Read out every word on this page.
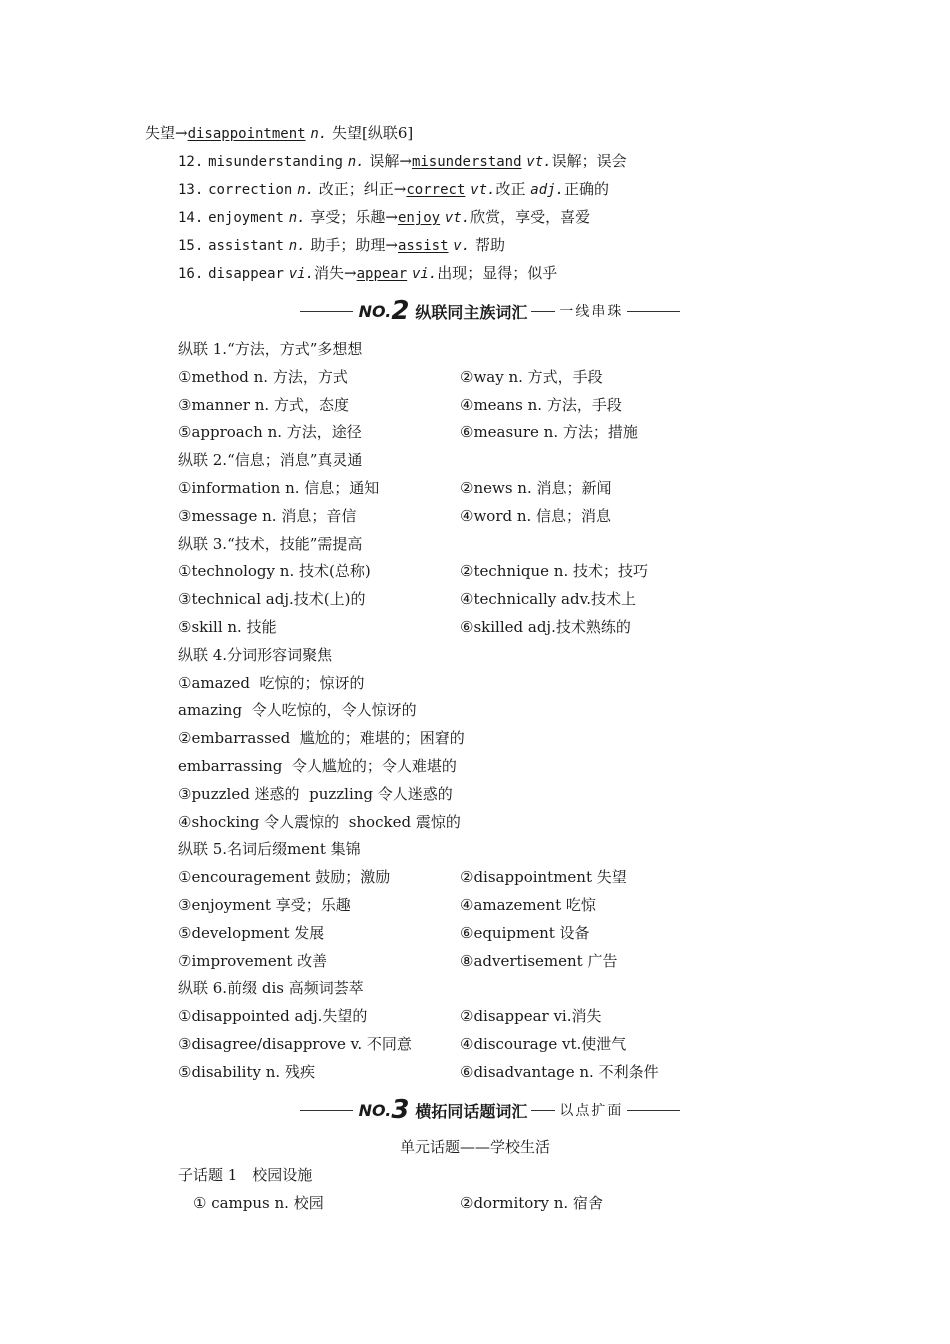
失望→disappointment n. 失望[纵联6]
12. misunderstanding n. 误解→misunderstand vt.误解；误会
13. correction n. 改正；纠正→correct vt.改正 adj.正确的
14. enjoyment n. 享受；乐趣→enjoy vt.欣赏，享受，喜爱
15. assistant n. 助手；助理→assist v. 帮助
16. disappear vi.消失→appear vi.出现；显得；似乎
NO. 2 纵联同主族词汇 一线串珠
纵联 1.“方法，方式”多想想
①method n. 方法，方式	②way n. 方式，手段
③manner n. 方式，态度	④means n. 方法，手段
⑤approach n. 方法，途径	⑥measure n. 方法；措施
纵联 2.“信息；消息”真灵通
①information n. 信息；通知	②news n. 消息；新闻
③message n. 消息；音信	④word n. 信息；消息
纵联 3.“技术，技能”需提高
①technology n. 技术(总称)	②technique n. 技术；技巧
③technical adj.技术(上)的	④technically adv.技术上
⑤skill n. 技能	⑥skilled adj.技术熟练的
纵联 4.分词形容词聚焦
①amazed  吃惊的；惊讶的
amazing  令人吃惊的，令人惊讶的
②embarrassed  尴尬的；难堪的；困窘的
embarrassing  令人尴尬的；令人难堪的
③puzzled 迷惑的  puzzling 令人迷惑的
④shocking 令人震惊的  shocked 震惊的
纵联 5.名词后缀ment 集锦
①encouragement 鼓励；激励	②disappointment 失望
③enjoyment 享受；乐趣	④amazement 吃惊
⑤development 发展	⑥equipment 设备
⑦improvement 改善	⑧advertisement 广告
纵联 6.前缀 dis 高频词荟萃
①disappointed adj.失望的	②disappear vi.消失
③disagree/disapprove v. 不同意	④discourage vt.使泄气
⑤disability n. 残疾	⑥disadvantage n. 不利条件
NO. 3 横拓同话题词汇 以点扩面
单元话题——学校生活
子话题 1　校园设施
① campus n. 校园	②dormitory n. 宿舍
